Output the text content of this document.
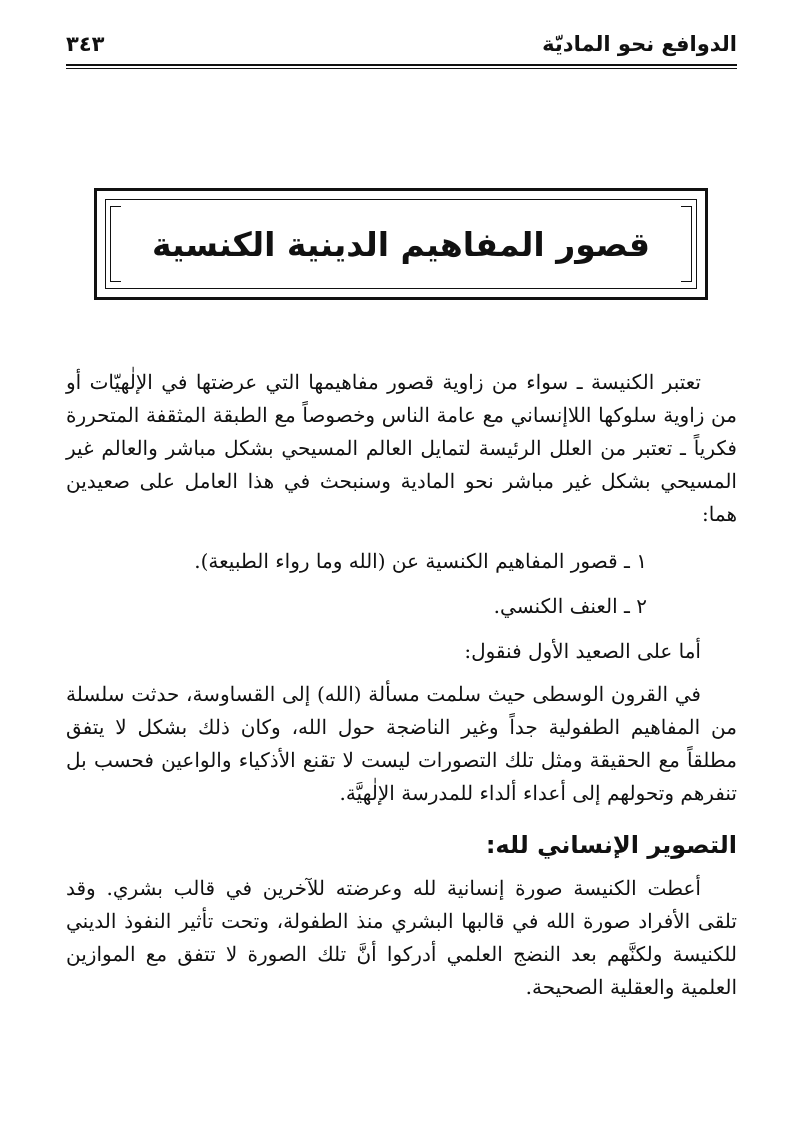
الدوافع نحو الماديّة
٣٤٣
قصور المفاهيم الدينية الكنسية

تعتبر الكنيسة ـ سواء من زاوية قصور مفاهيمها التي عرضتها في الإلٰهيّات أو من زاوية سلوكها اللاإنساني مع عامة الناس وخصوصاً مع الطبقة المثقفة المتحررة فكرياً ـ تعتبر من العلل الرئيسة لتمايل العالم المسيحي بشكل مباشر والعالم غير المسيحي بشكل غير مباشر نحو المادية وسنبحث في هذا العامل على صعيدين هما:

١ ـ قصور المفاهيم الكنسية عن (الله وما رواء الطبيعة).

٢ ـ العنف الكنسي.

أما على الصعيد الأول فنقول:

في القرون الوسطى حيث سلمت مسألة (الله) إلى القساوسة، حدثت سلسلة من المفاهيم الطفولية جداً وغير الناضجة حول الله، وكان ذلك بشكل لا يتفق مطلقاً مع الحقيقة ومثل تلك التصورات ليست لا تقنع الأذكياء والواعين فحسب بل تنفرهم وتحولهم إلى أعداء ألداء للمدرسة الإلٰهيَّة.

التصوير الإنساني لله:

أعطت الكنيسة صورة إنسانية لله وعرضته للآخرين في قالب بشري. وقد تلقى الأفراد صورة الله في قالبها البشري منذ الطفولة، وتحت تأثير النفوذ الديني للكنيسة ولكنَّهم بعد النضج العلمي أدركوا أنَّ تلك الصورة لا تتفق مع الموازين العلمية والعقلية الصحيحة.
